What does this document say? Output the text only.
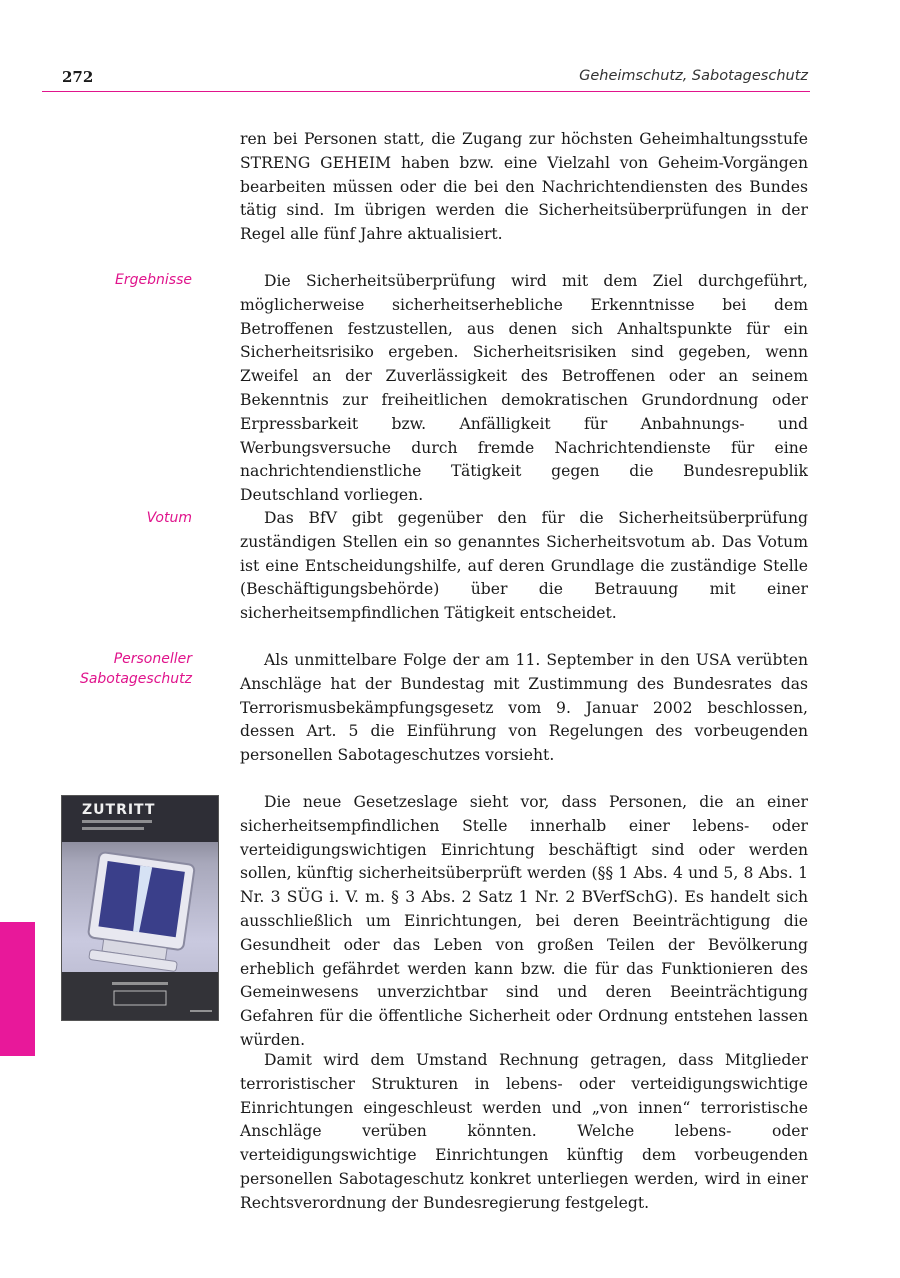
272	Geheimschutz, Sabotageschutz

ren bei Personen statt, die Zugang zur höchsten Geheimhaltungsstufe STRENG GEHEIM haben bzw. eine Vielzahl von Geheim-Vorgängen bearbeiten müssen oder die bei den Nachrichtendiensten des Bundes tätig sind. Im übrigen werden die Sicherheitsüberprüfungen in der Regel alle fünf Jahre aktualisiert.

Ergebnisse	Die Sicherheitsüberprüfung wird mit dem Ziel durchgeführt, möglicherweise sicherheitserhebliche Erkenntnisse bei dem Betroffenen festzustellen, aus denen sich Anhaltspunkte für ein Sicherheitsrisiko ergeben. Sicherheitsrisiken sind gegeben, wenn Zweifel an der Zuverlässigkeit des Betroffenen oder an seinem Bekenntnis zur freiheitlichen demokratischen Grundordnung oder Erpressbarkeit bzw. Anfälligkeit für Anbahnungs- und Werbungsversuche durch fremde Nachrichtendienste für eine nachrichtendienstliche Tätigkeit gegen die Bundesrepublik Deutschland vorliegen.

Votum	Das BfV gibt gegenüber den für die Sicherheitsüberprüfung zuständigen Stellen ein so genanntes Sicherheitsvotum ab. Das Votum ist eine Entscheidungshilfe, auf deren Grundlage die zuständige Stelle (Beschäftigungsbehörde) über die Betrauung mit einer sicherheitsempfindlichen Tätigkeit entscheidet.

Personeller
Sabotageschutz

Als unmittelbare Folge der am 11. September in den USA verübten Anschläge hat der Bundestag mit Zustimmung des Bundesrates das Terrorismusbekämpfungsgesetz vom 9. Januar 2002 beschlossen, dessen Art. 5 die Einführung von Regelungen des vorbeugenden personellen Sabotageschutzes vorsieht.

ZUTRITT	Die neue Gesetzeslage sieht vor, dass Personen, die an einer sicherheitsempfindlichen Stelle innerhalb einer lebens- oder verteidigungswichtigen Einrichtung beschäftigt sind oder werden sollen, künftig sicherheitsüberprüft werden (§§ 1 Abs. 4 und 5, 8 Abs. 1 Nr. 3 SÜG i. V. m. § 3 Abs. 2 Satz 1 Nr. 2 BVerfSchG). Es handelt sich ausschließlich um Einrichtungen, bei deren Beeinträchtigung die Gesundheit oder das Leben von großen Teilen der Bevölkerung erheblich gefährdet werden kann bzw. die für das Funktionieren des Gemeinwesens unverzichtbar sind und deren Beeinträchtigung Gefahren für die öffentliche Sicherheit oder Ordnung entstehen lassen würden.

Damit wird dem Umstand Rechnung getragen, dass Mitglieder terroristischer Strukturen in lebens- oder verteidigungswichtige Einrichtungen eingeschleust werden und „von innen“ terroristische Anschläge verüben könnten. Welche lebens- oder verteidigungswichtige Einrichtungen künftig dem vorbeugenden personellen Sabotageschutz konkret unterliegen werden, wird in einer Rechtsverordnung der Bundesregierung festgelegt.
